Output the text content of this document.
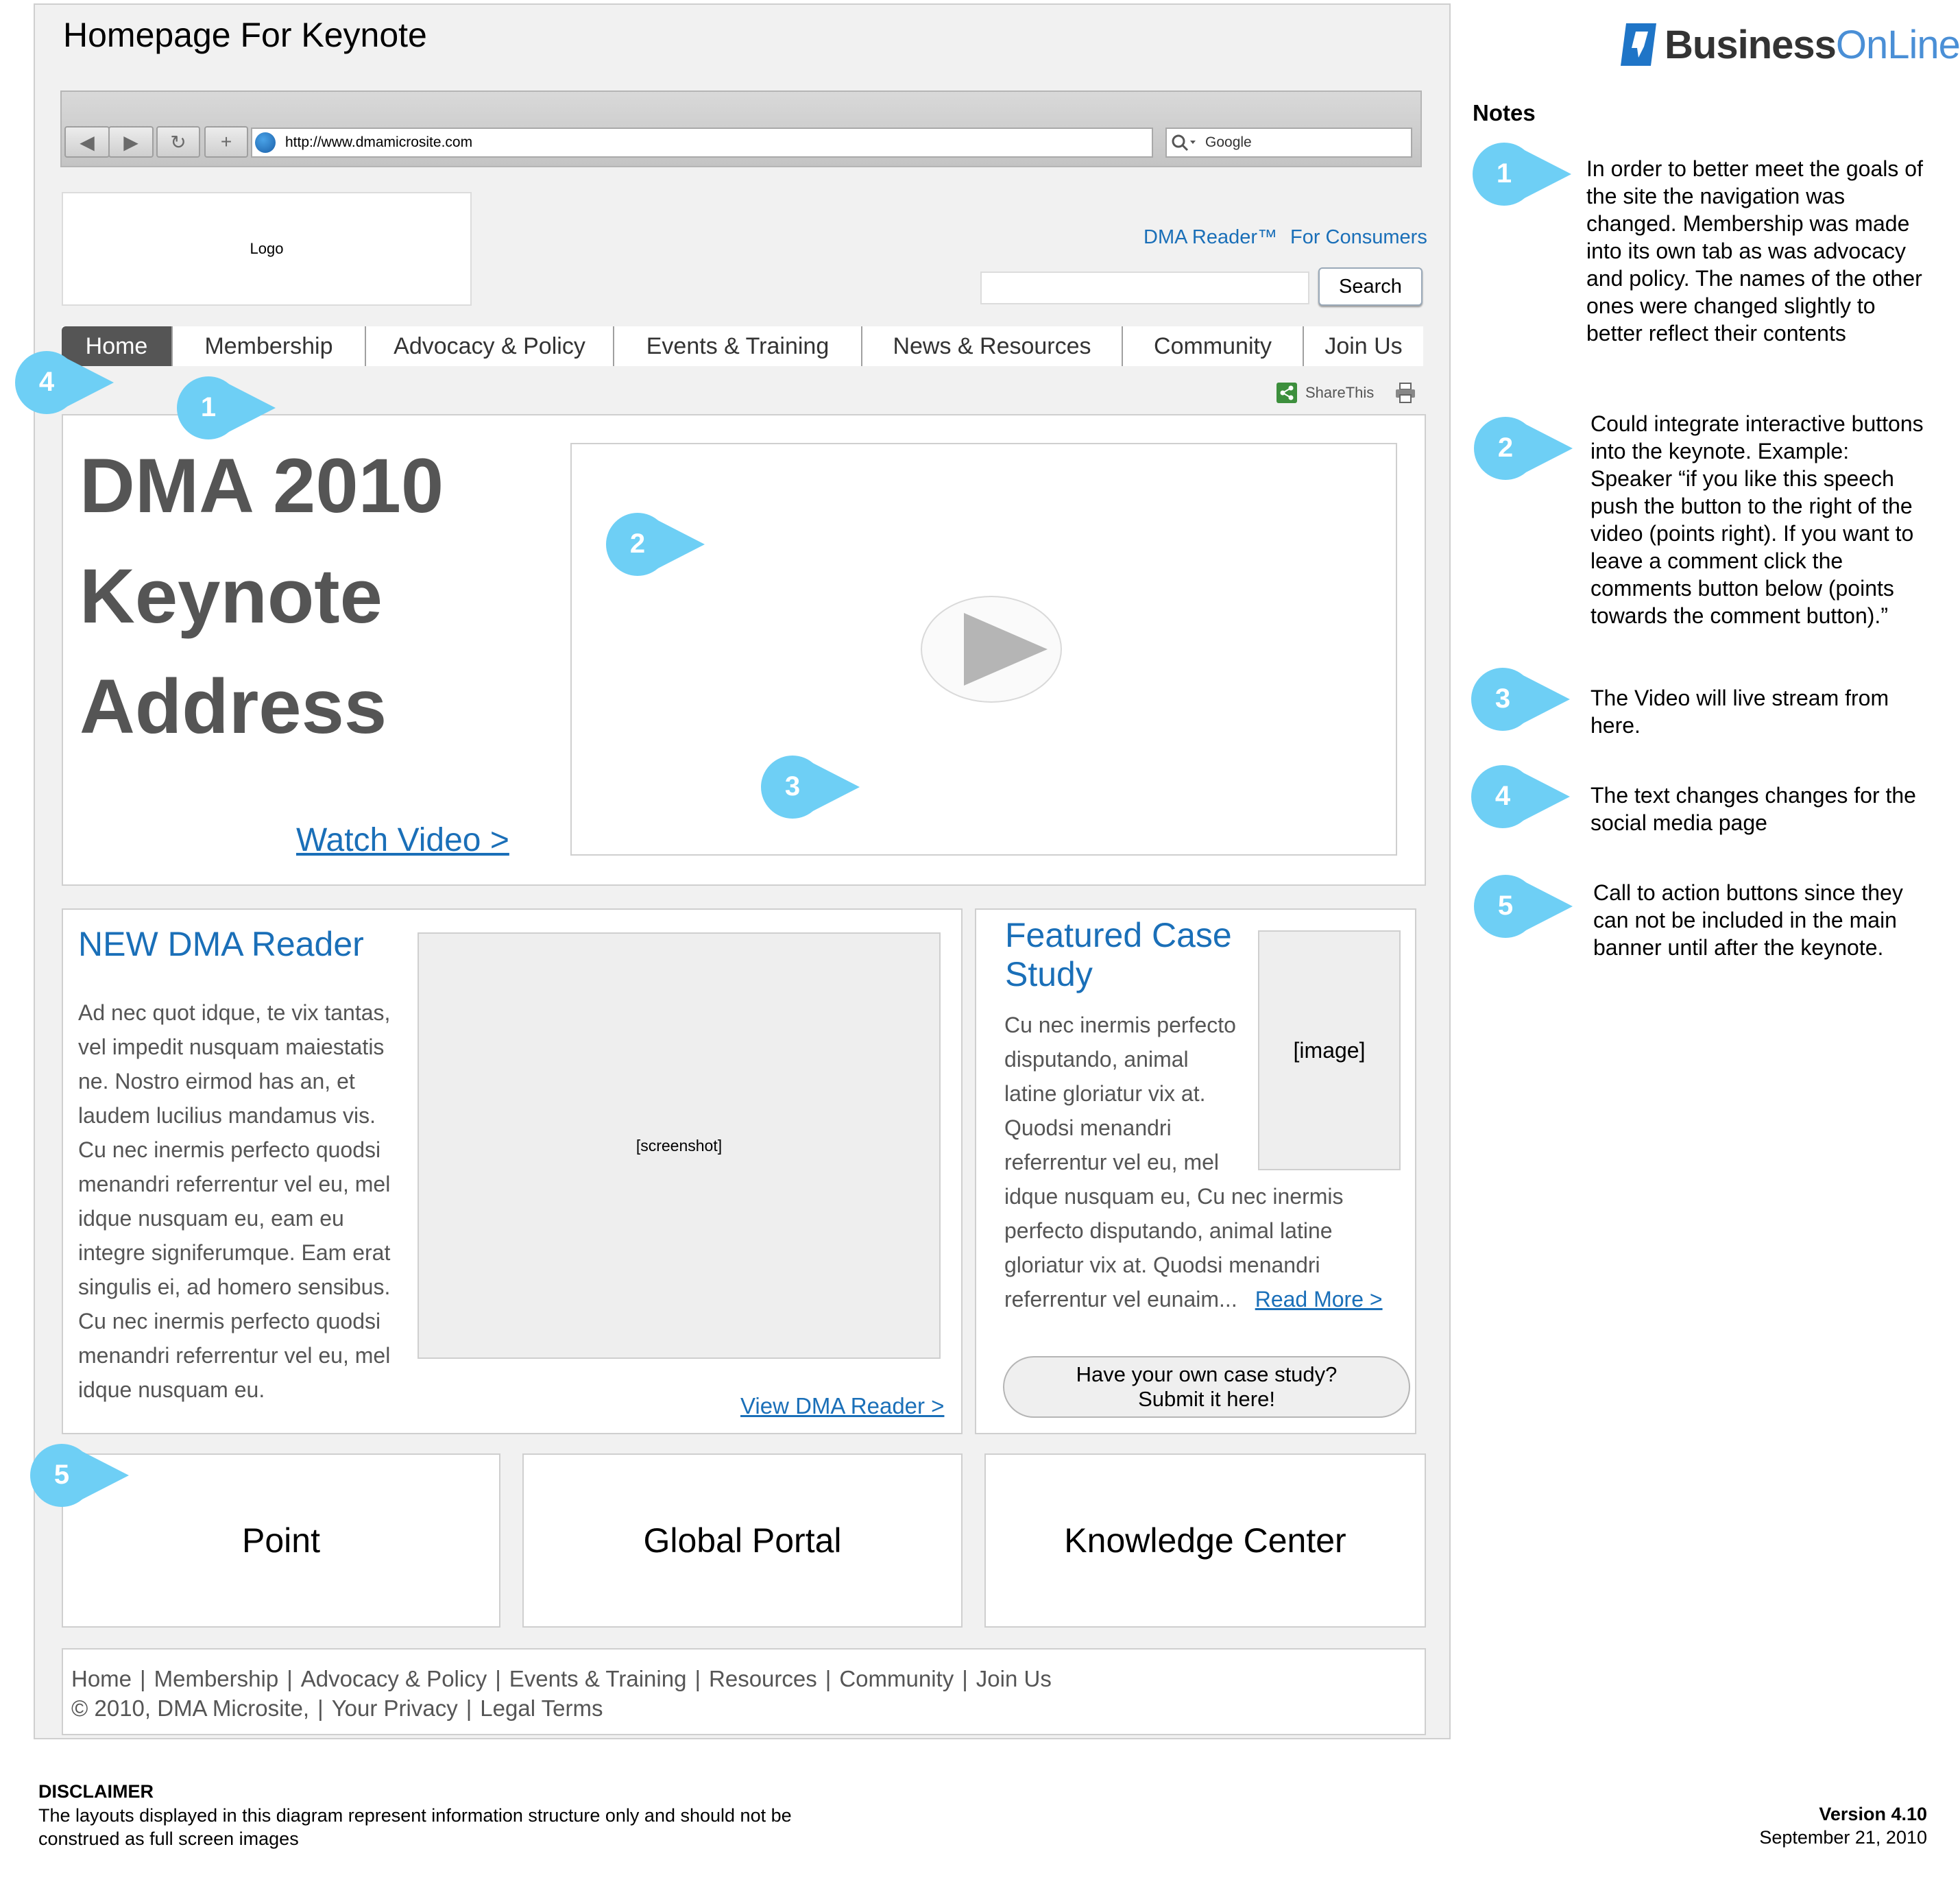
Homepage For Keynote
◀ ▶ ↻ +	http://www.dmamicrosite.com	Google
Logo
DMA Reader™ For Consumers
Search
Home	Membership	Advocacy & Policy	Events & Training	News & Resources	Community	Join Us
ShareThis
DMA 2010
Keynote
Address
Watch Video >
NEW DMA Reader
Ad nec quot idque, te vix tantas, vel impedit nusquam maiestatis ne. Nostro eirmod has an, et laudem lucilius mandamus vis. Cu nec inermis perfecto quodsi menandri referrentur vel eu, mel idque nusquam eu, eam eu integre signiferumque. Eam erat singulis ei, ad homero sensibus. Cu nec inermis perfecto quodsi menandri referrentur vel eu, mel idque nusquam eu.
[screenshot]
View DMA Reader >
Featured Case Study
[image]
Cu nec inermis perfecto
disputando, animal
latine gloriatur vix at.
Quodsi menandri
referrentur vel eu, mel
idque nusquam eu, Cu nec inermis
perfecto disputando, animal latine
gloriatur vix at. Quodsi menandri
referrentur vel eunaim... Read More >
Have your own case study?
Submit it here!
Point	Global Portal	Knowledge Center
Home | Membership | Advocacy & Policy | Events & Training | Resources | Community | Join Us
© 2010, DMA Microsite, | Your Privacy | Legal Terms
4
1
2
3
5
Business OnLine
Notes
1	In order to better meet the goals of the site the navigation was changed. Membership was made into its own tab as was advocacy and policy. The names of the other ones were changed slightly to better reflect their contents
2
Could integrate interactive buttons into the keynote. Example: Speaker “if you like this speech push the button to the right of the video (points right). If you want to leave a comment click the comments button below (points towards the comment button).”
3	The Video will live stream from here.
4	The text changes changes for the social media page
5	Call to action buttons since they can not be included in the main banner until after the keynote.
DISCLAIMER
The layouts displayed in this diagram represent information structure only and should not be construed as full screen images
Version 4.10
September 21, 2010
